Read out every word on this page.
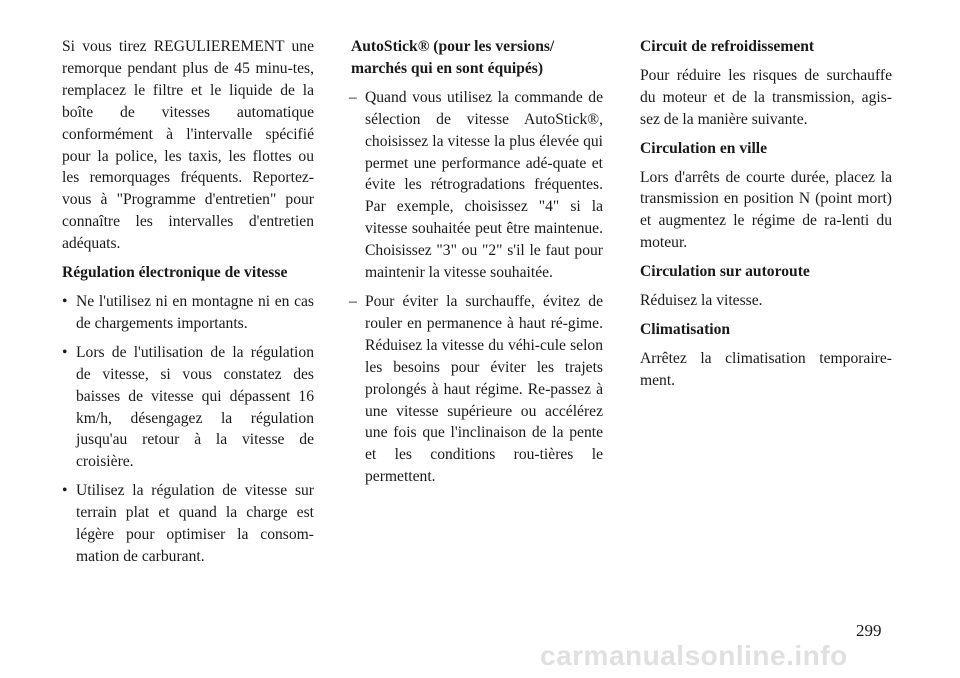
Si vous tirez REGULIEREMENT une remorque pendant plus de 45 minu-tes, remplacez le filtre et le liquide de la boîte de vitesses automatique conformément à l'intervalle spécifié pour la police, les taxis, les flottes ou les remorquages fréquents. Reportez-vous à "Programme d'entretien" pour connaître les intervalles d'entretien adéquats.

Régulation électronique de vitesse

• Ne l'utilisez ni en montagne ni en cas de chargements importants.
• Lors de l'utilisation de la régulation de vitesse, si vous constatez des baisses de vitesse qui dépassent 16 km/h, désengagez la régulation jusqu'au retour à la vitesse de croisière.
• Utilisez la régulation de vitesse sur terrain plat et quand la charge est légère pour optimiser la consom-mation de carburant.

AutoStick® (pour les versions/ marchés qui en sont équipés)

– Quand vous utilisez la commande de sélection de vitesse AutoStick®, choisissez la vitesse la plus élevée qui permet une performance adé-quate et évite les rétrogradations fréquentes. Par exemple, choisissez "4" si la vitesse souhaitée peut être maintenue. Choisissez "3" ou "2" s'il le faut pour maintenir la vitesse souhaitée.
– Pour éviter la surchauffe, évitez de rouler en permanence à haut ré-gime. Réduisez la vitesse du véhi-cule selon les besoins pour éviter les trajets prolongés à haut régime. Re-passez à une vitesse supérieure ou accélérez une fois que l'inclinaison de la pente et les conditions rou-tières le permettent.

Circuit de refroidissement

Pour réduire les risques de surchauffe du moteur et de la transmission, agis-sez de la manière suivante.

Circulation en ville

Lors d'arrêts de courte durée, placez la transmission en position N (point mort) et augmentez le régime de ra-lenti du moteur.

Circulation sur autoroute

Réduisez la vitesse.

Climatisation

Arrêtez la climatisation temporaire-ment.

299
carmanualsonline.info
